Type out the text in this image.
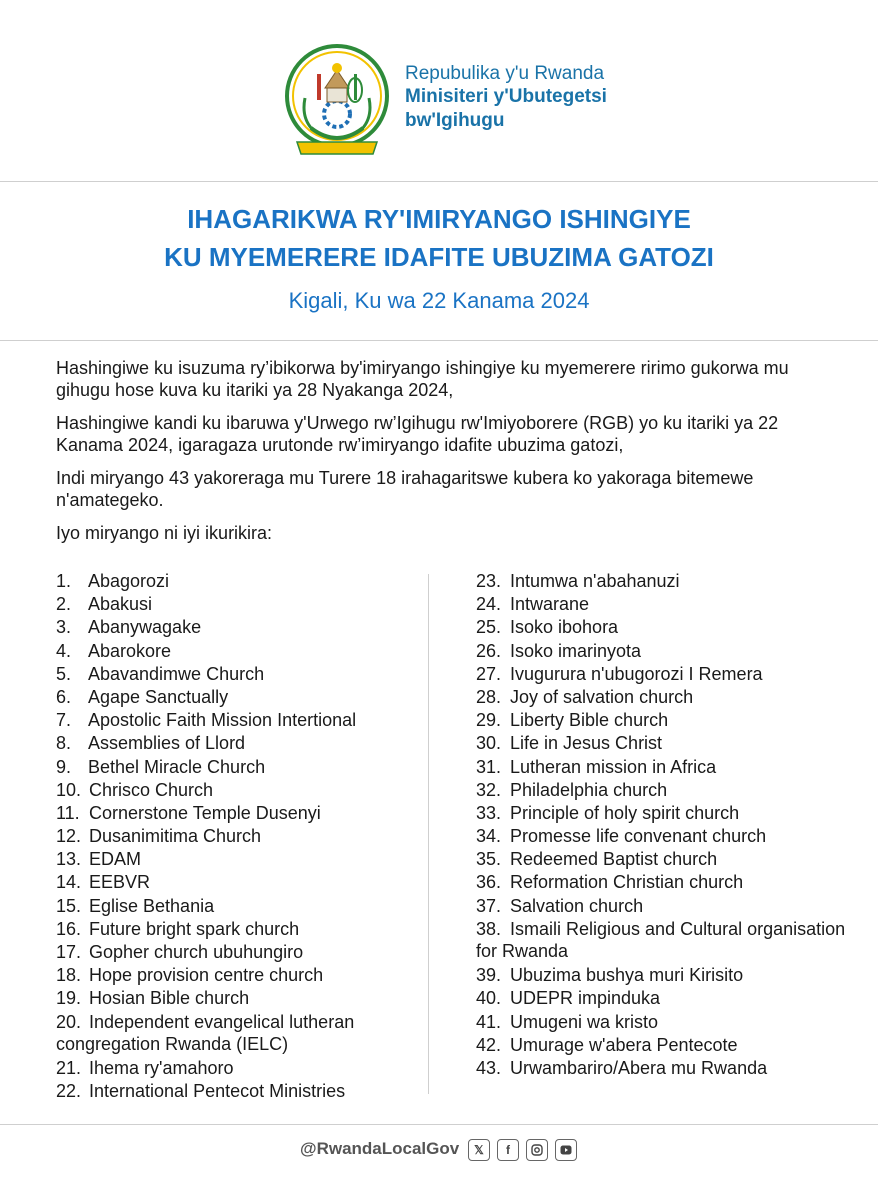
Repubulika y'u Rwanda
Minisiteri y'Ubutegetsi
bw'Igihugu
IHAGARIKWA RY'IMIRYANGO ISHINGIYE
KU MYEMERERE IDAFITE UBUZIMA GATOZI
Kigali, Ku wa 22 Kanama 2024
Hashingiwe ku isuzuma ry’ibikorwa by'imiryango ishingiye ku myemerere ririmo gukorwa mu gihugu hose kuva ku itariki ya 28 Nyakanga 2024,
Hashingiwe kandi ku ibaruwa y'Urwego rw’Igihugu rw'Imiyoborere (RGB) yo ku itariki ya 22 Kanama 2024, igaragaza urutonde rw’imiryango idafite ubuzima gatozi,
Indi miryango 43 yakoreraga mu Turere 18 irahagaritswe kubera ko yakoraga bitemewe n'amategeko.
Iyo miryango ni iyi ikurikira:
1. Abagorozi
2. Abakusi
3. Abanywagake
4. Abarokore
5. Abavandimwe Church
6. Agape Sanctually
7. Apostolic Faith Mission Intertional
8. Assemblies of Llord
9. Bethel Miracle Church
10. Chrisco Church
11. Cornerstone Temple Dusenyi
12. Dusanimitima Church
13. EDAM
14. EEBVR
15. Eglise Bethania
16. Future bright spark church
17. Gopher church ubuhungiro
18. Hope provision centre church
19. Hosian Bible church
20. Independent evangelical lutheran congregation Rwanda (IELC)
21. Ihema ry'amahoro
22. International Pentecot Ministries
23. Intumwa n'abahanuzi
24. Intwarane
25. Isoko ibohora
26. Isoko imarinyota
27. Ivugurura n'ubugorozi I Remera
28. Joy of salvation church
29. Liberty Bible church
30. Life in Jesus Christ
31. Lutheran mission in Africa
32. Philadelphia church
33. Principle of holy spirit church
34. Promesse life convenant church
35. Redeemed Baptist church
36. Reformation Christian church
37. Salvation church
38. Ismaili Religious and Cultural organisation for Rwanda
39. Ubuzima bushya muri Kirisito
40. UDEPR impinduka
41. Umugeni wa kristo
42. Umurage w'abera Pentecote
43. Urwambariro/Abera mu Rwanda
@RwandaLocalGov	𝕏	f
